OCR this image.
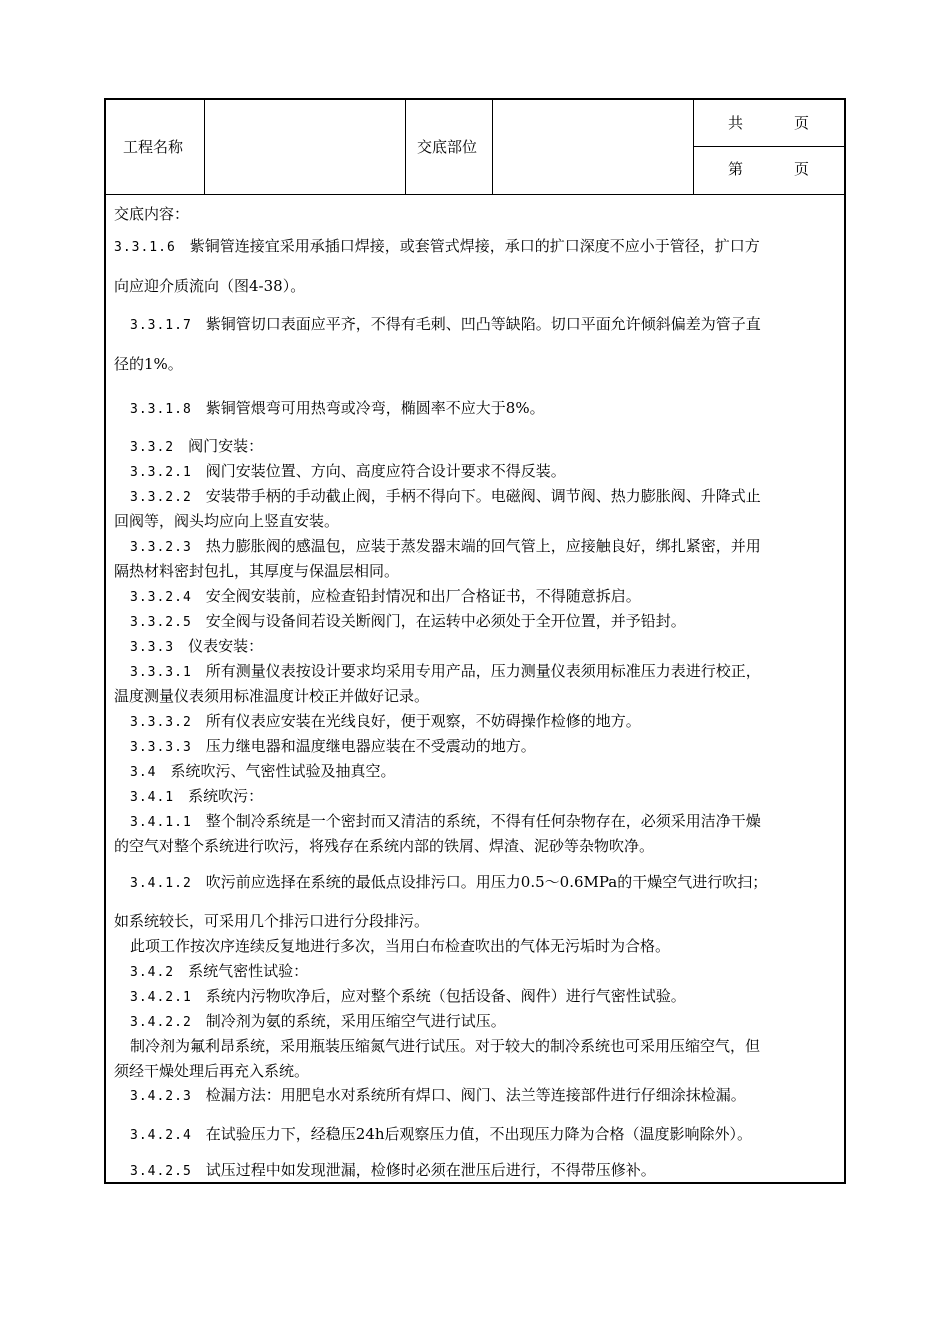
工程名称	交底部位
共	页
第	页
交底内容：
3.3.1.6 紫铜管连接宜采用承插口焊接，或套管式焊接，承口的扩口深度不应小于管径，扩口方
向应迎介质流向（图4-38）。
3.3.1.7 紫铜管切口表面应平齐，不得有毛刺、凹凸等缺陷。切口平面允许倾斜偏差为管子直
径的1%。
3.3.1.8 紫铜管煨弯可用热弯或冷弯，椭圆率不应大于8%。
3.3.2 阀门安装：
3.3.2.1 阀门安装位置、方向、高度应符合设计要求不得反装。
3.3.2.2 安装带手柄的手动截止阀，手柄不得向下。电磁阀、调节阀、热力膨胀阀、升降式止
回阀等，阀头均应向上竖直安装。
3.3.2.3 热力膨胀阀的感温包，应装于蒸发器末端的回气管上，应接触良好，绑扎紧密，并用
隔热材料密封包扎，其厚度与保温层相同。
3.3.2.4 安全阀安装前，应检查铅封情况和出厂合格证书，不得随意拆启。
3.3.2.5 安全阀与设备间若设关断阀门，在运转中必须处于全开位置，并予铅封。
3.3.3 仪表安装：
3.3.3.1 所有测量仪表按设计要求均采用专用产品，压力测量仪表须用标准压力表进行校正，
温度测量仪表须用标准温度计校正并做好记录。
3.3.3.2 所有仪表应安装在光线良好，便于观察，不妨碍操作检修的地方。
3.3.3.3 压力继电器和温度继电器应装在不受震动的地方。
3.4 系统吹污、气密性试验及抽真空。
3.4.1 系统吹污：
3.4.1.1 整个制冷系统是一个密封而又清洁的系统，不得有任何杂物存在，必须采用洁净干燥
的空气对整个系统进行吹污，将残存在系统内部的铁屑、焊渣、泥砂等杂物吹净。
3.4.1.2 吹污前应选择在系统的最低点设排污口。用压力0.5～0.6MPa的干燥空气进行吹扫；
如系统较长，可采用几个排污口进行分段排污。
此项工作按次序连续反复地进行多次，当用白布检查吹出的气体无污垢时为合格。
3.4.2 系统气密性试验：
3.4.2.1 系统内污物吹净后，应对整个系统（包括设备、阀件）进行气密性试验。
3.4.2.2 制冷剂为氨的系统，采用压缩空气进行试压。
制冷剂为氟利昂系统，采用瓶装压缩氮气进行试压。对于较大的制冷系统也可采用压缩空气，但
须经干燥处理后再充入系统。
3.4.2.3 检漏方法：用肥皂水对系统所有焊口、阀门、法兰等连接部件进行仔细涂抹检漏。
3.4.2.4 在试验压力下，经稳压24h后观察压力值，不出现压力降为合格（温度影响除外）。
3.4.2.5 试压过程中如发现泄漏，检修时必须在泄压后进行，不得带压修补。
